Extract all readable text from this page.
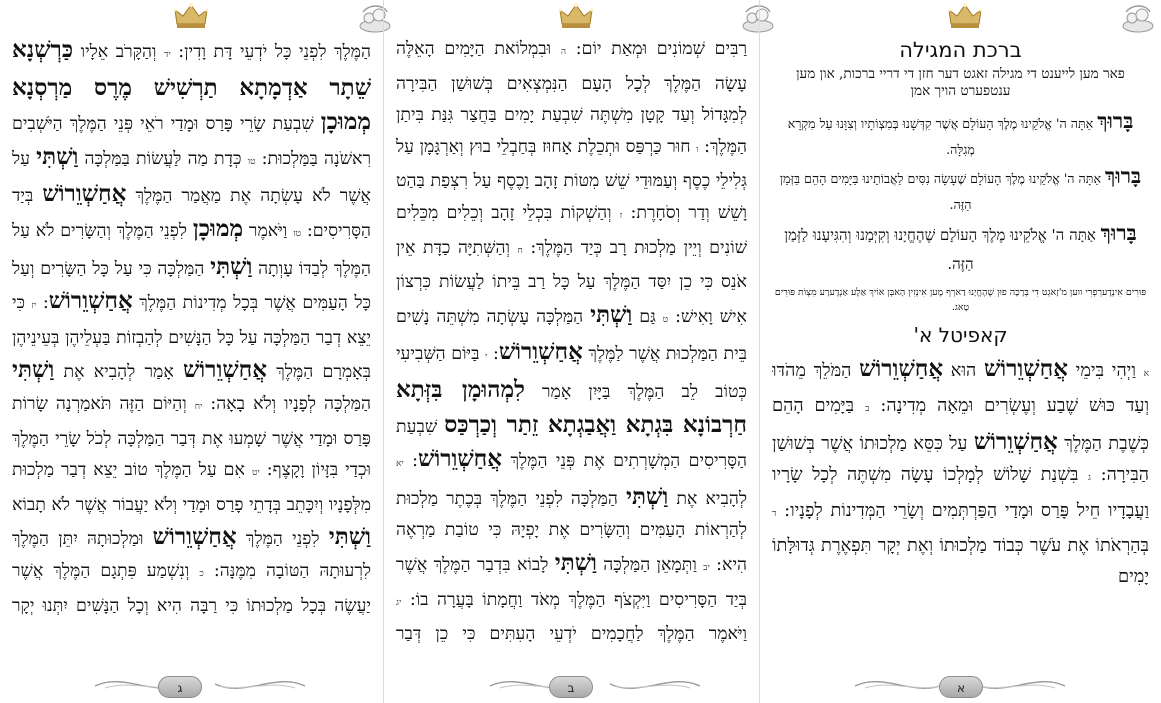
ברכת המגילה

פאר מען לייענט די מגילה זאגט דער חזן די דריי ברכות, און מען ענטפערט הויך אמן

בָּרוּךְ אַתָּה ה' אֱלֹקֵינוּ מֶלֶךְ הָעוֹלָם אֲשֶׁר קִדְּשָׁנוּ בְּמִצְוֹתָיו וְצִוָּנוּ עַל מִקְרָא מְגִלָּה.

בָּרוּךְ אַתָּה ה' אֱלֹקֵינוּ מֶלֶךְ הָעוֹלָם שֶׁעָשָׂה נִסִּים לַאֲבוֹתֵינוּ בַּיָּמִים הָהֵם בַּזְּמַן הַזֶּה.

בָּרוּךְ אַתָּה ה' אֱלֹקֵינוּ מֶלֶךְ הָעוֹלָם שֶׁהֶחֱיָנוּ וְקִיְּמָנוּ וְהִגִּיעָנוּ לַזְּמַן הַזֶּה.

פּוּרִים אִינְדֶערְפְרִי ווען מ'זָאגְט דִי בְּרָכָה פוּן שֶׁהֶחֱיָנוּ דַארְף מֶען אִינְזִין הָאבְּן אוֹיךְ אַלֶע אַנְדֶערָע מִצְוֹת פּוּרִים טָאג.

קאפיטל א'

א וַיְהִי בִּימֵי אֲחַשְׁוֵרוֹשׁ הוּא אֲחַשְׁוֵרוֹשׁ הַמֹּלֵךְ מֵהֹדּוּ וְעַד כּוּשׁ שֶׁבַע וְעֶשְׂרִים וּמֵאָה מְדִינָה: ב בַּיָּמִים הָהֵם כְּשֶׁבֶת הַמֶּלֶךְ אֲחַשְׁוֵרוֹשׁ עַל כִּסֵּא מַלְכוּתוֹ אֲשֶׁר בְּשׁוּשַׁן הַבִּירָה: ג בִּשְׁנַת שָׁלוֹשׁ לְמָלְכוֹ עָשָׂה מִשְׁתֶּה לְכָל שָׂרָיו וַעֲבָדָיו חֵיל פָּרַס וּמָדַי הַפַּרְתְּמִים וְשָׂרֵי הַמְּדִינוֹת לְפָנָיו: ד בְּהַרְאֹתוֹ אֶת עֹשֶׁר כְּבוֹד מַלְכוּתוֹ וְאֶת יְקָר תִּפְאֶרֶת גְּדוּלָּתוֹ יָמִים

רַבִּים שְׁמוֹנִים וּמְאַת יוֹם: ה וּבִמְלוֹאת הַיָּמִים הָאֵלֶּה עָשָׂה הַמֶּלֶךְ לְכָל הָעָם הַנִּמְצְאִים בְּשׁוּשַׁן הַבִּירָה לְמִגָּדוֹל וְעַד קָטָן מִשְׁתֶּה שִׁבְעַת יָמִים בַּחֲצַר גִּנַּת בִּיתַן הַמֶּלֶךְ: ו חוּר כַּרְפַּס וּתְכֵלֶת אָחוּז בְּחַבְלֵי בוּץ וְאַרְגָּמָן עַל גְּלִילֵי כֶסֶף וְעַמּוּדֵי שֵׁשׁ מִטּוֹת זָהָב וָכֶסֶף עַל רִצְפַת בַּהַט וָשֵׁשׁ וְדַר וְסֹחָרֶת: ז וְהַשְׁקוֹת בִּכְלֵי זָהָב וְכֵלִים מִכֵּלִים שׁוֹנִים וְיֵין מַלְכוּת רָב כְּיַד הַמֶּלֶךְ: ח וְהַשְּׁתִיָּה כַדָּת אֵין אֹנֵס כִּי כֵן יִסַּד הַמֶּלֶךְ עַל כָּל רַב בֵּיתוֹ לַעֲשׂוֹת כִּרְצוֹן אִישׁ וָאִישׁ: ט גַּם וַשְׁתִּי הַמַּלְכָּה עָשְׂתָה מִשְׁתֵּה נָשִׁים בֵּית הַמַּלְכוּת אֲשֶׁר לַמֶּלֶךְ אֲחַשְׁוֵרוֹשׁ: י בַּיּוֹם הַשְּׁבִיעִי כְּטוֹב לֵב הַמֶּלֶךְ בַּיָּיִן אָמַר לִמְהוּמָן בִּזְּתָא חַרְבוֹנָא בִּגְתָא וַאֲבַגְתָא זֵתַר וְכַרְכַּס שִׁבְעַת הַסָּרִיסִים הַמְשָׁרְתִים אֶת פְּנֵי הַמֶּלֶךְ אֲחַשְׁוֵרוֹשׁ: יא לְהָבִיא אֶת וַשְׁתִּי הַמַּלְכָּה לִפְנֵי הַמֶּלֶךְ בְּכֶתֶר מַלְכוּת לְהַרְאוֹת הָעַמִּים וְהַשָּׂרִים אֶת יָפְיָהּ כִּי טוֹבַת מַרְאֶה הִיא: יב וַתְּמָאֵן הַמַּלְכָּה וַשְׁתִּי לָבוֹא בִּדְבַר הַמֶּלֶךְ אֲשֶׁר בְּיַד הַסָּרִיסִים וַיִּקְצֹף הַמֶּלֶךְ מְאֹד וַחֲמָתוֹ בָּעֲרָה בוֹ: יג וַיֹּאמֶר הַמֶּלֶךְ לַחֲכָמִים יֹדְעֵי הָעִתִּים כִּי כֵן דְּבַר

הַמֶּלֶךְ לִפְנֵי כָּל יֹדְעֵי דָּת וָדִין: יד וְהַקָּרֹב אֵלָיו כַּרְשְׁנָא שֵׁתָר אַדְמָתָא תַרְשִׁישׁ מֶרֶס מַרְסְנָא מְמוּכָן שִׁבְעַת שָׂרֵי פָּרַס וּמָדַי רֹאֵי פְּנֵי הַמֶּלֶךְ הַיֹּשְׁבִים רִאשֹׁנָה בַּמַּלְכוּת: טו כְּדָת מַה לַּעֲשׂוֹת בַּמַּלְכָּה וַשְׁתִּי עַל אֲשֶׁר לֹא עָשְׂתָה אֶת מַאֲמַר הַמֶּלֶךְ אֲחַשְׁוֵרוֹשׁ בְּיַד הַסָּרִיסִים: טז וַיֹּאמֶר מְמוּכָן לִפְנֵי הַמֶּלֶךְ וְהַשָּׂרִים לֹא עַל הַמֶּלֶךְ לְבַדּוֹ עָוְתָה וַשְׁתִּי הַמַּלְכָּה כִּי עַל כָּל הַשָּׂרִים וְעַל כָּל הָעַמִּים אֲשֶׁר בְּכָל מְדִינוֹת הַמֶּלֶךְ אֲחַשְׁוֵרוֹשׁ: יז כִּי יֵצֵא דְבַר הַמַּלְכָּה עַל כָּל הַנָּשִׁים לְהַבְזוֹת בַּעְלֵיהֶן בְּעֵינֵיהֶן בְּאָמְרָם הַמֶּלֶךְ אֲחַשְׁוֵרוֹשׁ אָמַר לְהָבִיא אֶת וַשְׁתִּי הַמַּלְכָּה לְפָנָיו וְלֹא בָאָה: יח וְהַיּוֹם הַזֶּה תֹּאמַרְנָה שָׂרוֹת פָּרַס וּמָדַי אֲשֶׁר שָׁמְעוּ אֶת דְּבַר הַמַּלְכָּה לְכֹל שָׂרֵי הַמֶּלֶךְ וּכְדַי בִּזָּיוֹן וָקָצֶף: יט אִם עַל הַמֶּלֶךְ טוֹב יֵצֵא דְבַר מַלְכוּת מִלְּפָנָיו וְיִכָּתֵב בְּדָתֵי פָרַס וּמָדַי וְלֹא יַעֲבוֹר אֲשֶׁר לֹא תָבוֹא וַשְׁתִּי לִפְנֵי הַמֶּלֶךְ אֲחַשְׁוֵרוֹשׁ וּמַלְכוּתָהּ יִתֵּן הַמֶּלֶךְ לִרְעוּתָהּ הַטּוֹבָה מִמֶּנָּה: כ וְנִשְׁמַע פִּתְגָם הַמֶּלֶךְ אֲשֶׁר יַעֲשֶׂה בְּכָל מַלְכוּתוֹ כִּי רַבָּה הִיא וְכָל הַנָּשִׁים יִתְּנוּ יְקָר

א
ב
ג
